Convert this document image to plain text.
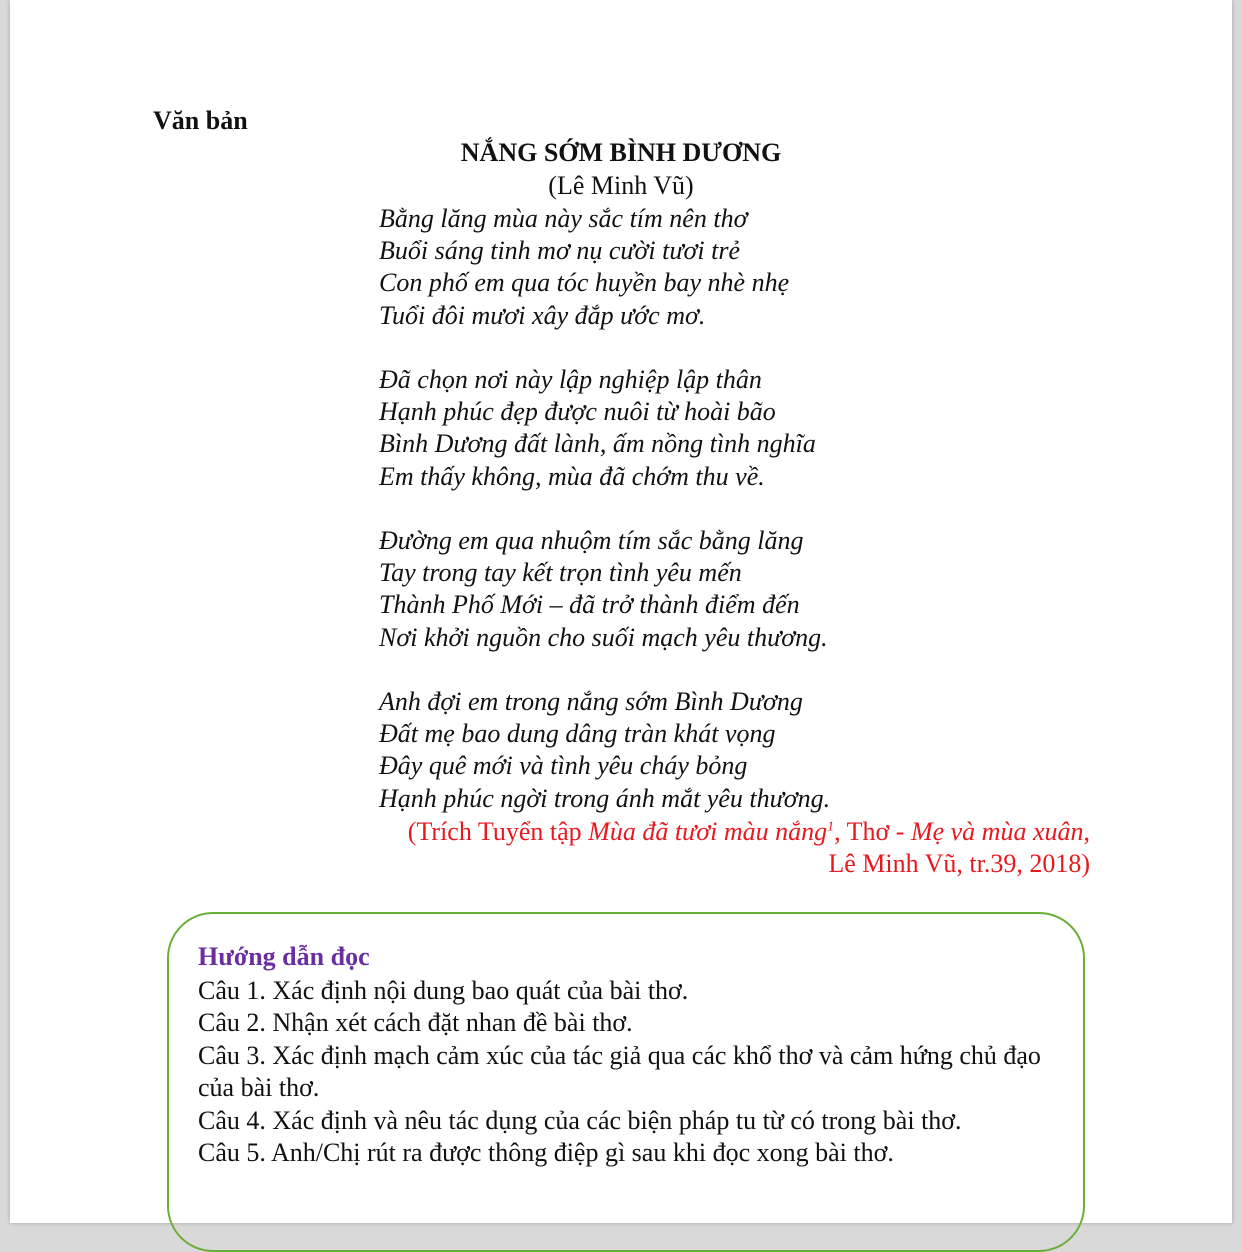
Văn bản

NẮNG SỚM BÌNH DƯƠNG

(Lê Minh Vũ)

Bằng lăng mùa này sắc tím nên thơ
Buổi sáng tinh mơ nụ cười tươi trẻ
Con phố em qua tóc huyền bay nhè nhẹ
Tuổi đôi mươi xây đắp ước mơ.
Đã chọn nơi này lập nghiệp lập thân
Hạnh phúc đẹp được nuôi từ hoài bão
Bình Dương đất lành, ấm nồng tình nghĩa
Em thấy không, mùa đã chớm thu về.
Đường em qua nhuộm tím sắc bằng lăng
Tay trong tay kết trọn tình yêu mến
Thành Phố Mới – đã trở thành điểm đến
Nơi khởi nguồn cho suối mạch yêu thương.
Anh đợi em trong nắng sớm Bình Dương
Đất mẹ bao dung dâng tràn khát vọng
Đây quê mới và tình yêu cháy bỏng
Hạnh phúc ngời trong ánh mắt yêu thương.

(Trích Tuyển tập Mùa đã tươi màu nắng$^1$, Thơ - Mẹ và mùa xuân, Lê Minh Vũ, tr.39, 2018)

Hướng dẫn đọc

Câu 1. Xác định nội dung bao quát của bài thơ.
Câu 2. Nhận xét cách đặt nhan đề bài thơ.
Câu 3. Xác định mạch cảm xúc của tác giả qua các khổ thơ và cảm hứng chủ đạo của bài thơ.
Câu 4. Xác định và nêu tác dụng của các biện pháp tu từ có trong bài thơ.
Câu 5. Anh/Chị rút ra được thông điệp gì sau khi đọc xong bài thơ.
